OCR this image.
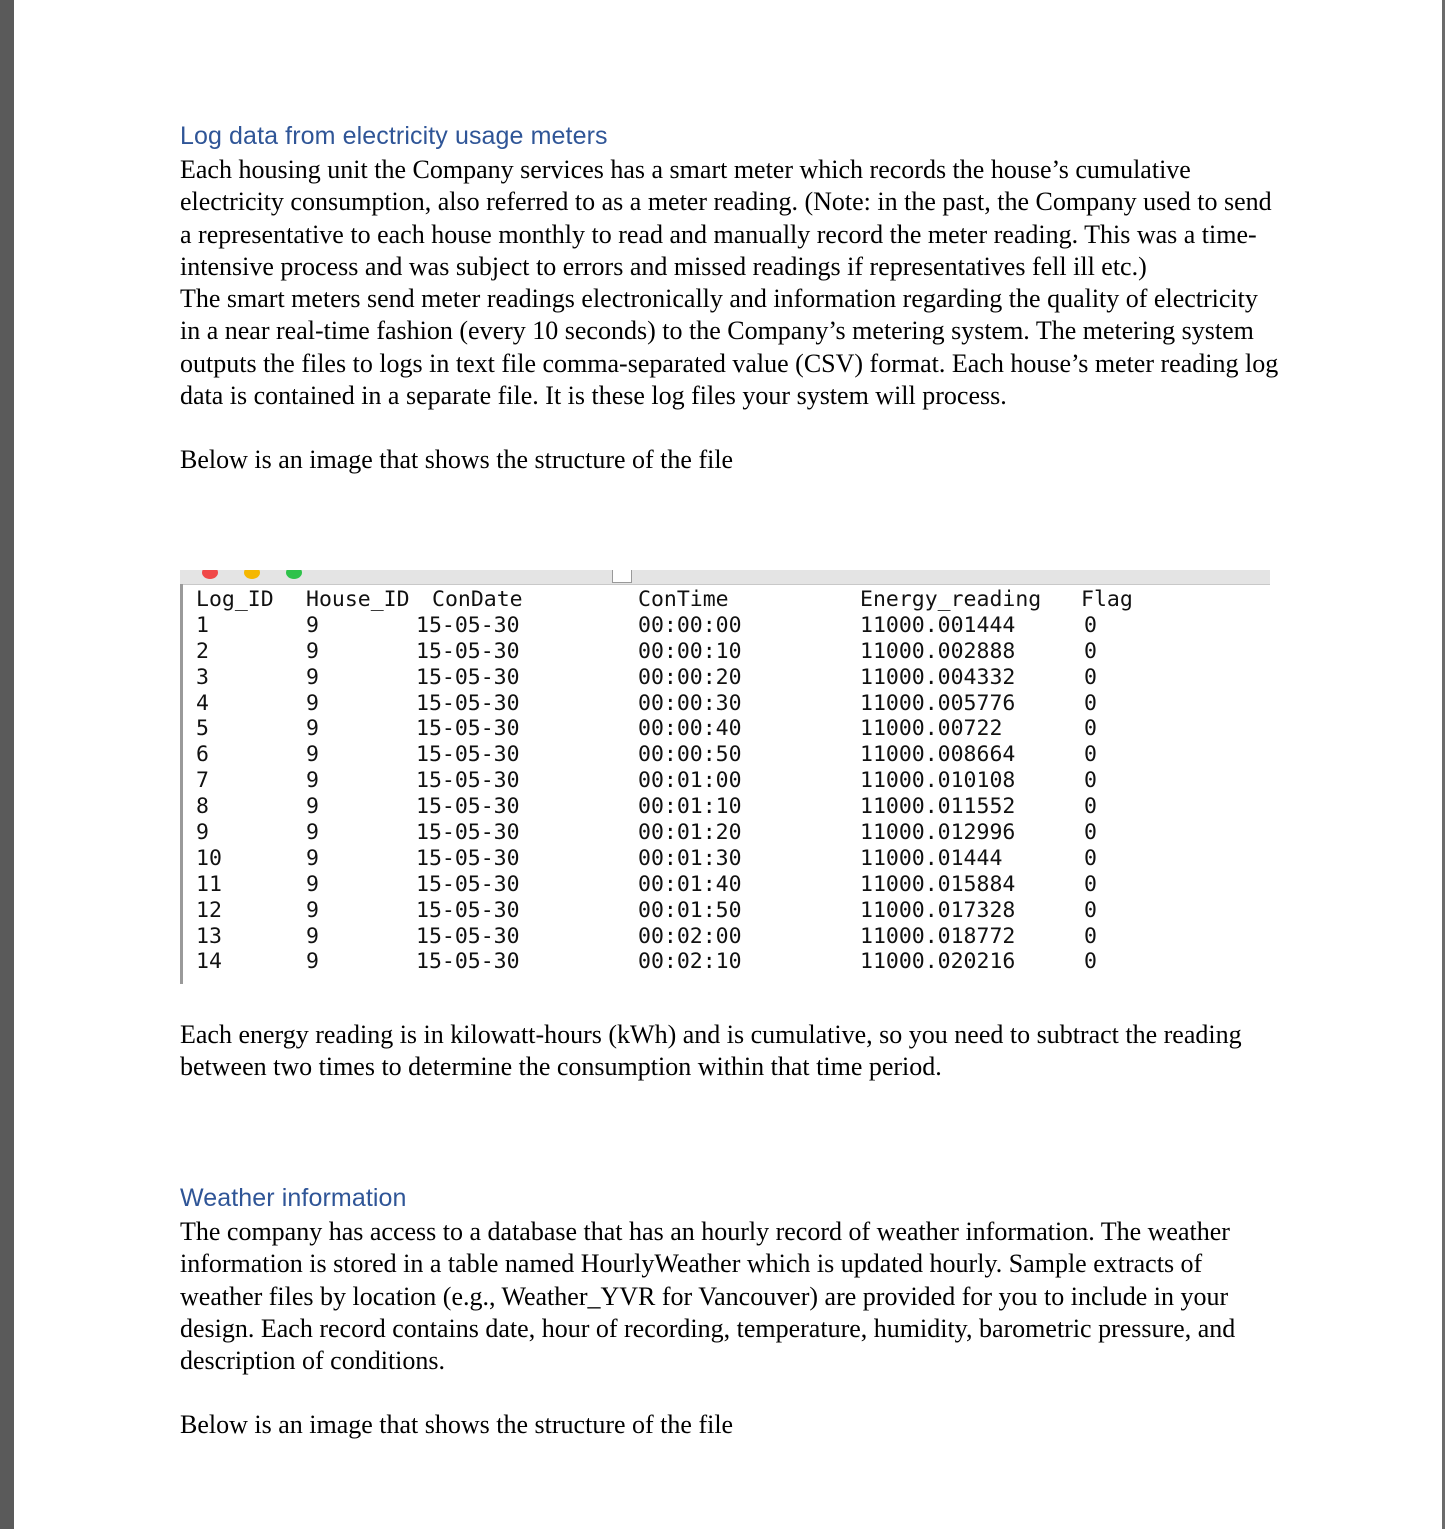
Log data from electricity usage meters

Each housing unit the Company services has a smart meter which records the house’s cumulative electricity consumption, also referred to as a meter reading. (Note: in the past, the Company used to send a representative to each house monthly to read and manually record the meter reading. This was a time-intensive process and was subject to errors and missed readings if representatives fell ill etc.)

The smart meters send meter readings electronically and information regarding the quality of electricity in a near real-time fashion (every 10 seconds) to the Company’s metering system. The metering system outputs the files to logs in text file comma-separated value (CSV) format. Each house’s meter reading log data is contained in a separate file. It is these log files your system will process.

Below is an image that shows the structure of the file

Each energy reading is in kilowatt-hours (kWh) and is cumulative, so you need to subtract the reading between two times to determine the consumption within that time period.

Weather information

The company has access to a database that has an hourly record of weather information. The weather information is stored in a table named HourlyWeather which is updated hourly. Sample extracts of weather files by location (e.g., Weather_YVR for Vancouver) are provided for you to include in your design. Each record contains date, hour of recording, temperature, humidity, barometric pressure, and description of conditions.

Below is an image that shows the structure of the file

Log_ID House_ID ConDate	ConTime	Energy_reading Flag
1	9	15-05-30	00:00:00	11000.001444	0
2	9	15-05-30	00:00:10	11000.002888	0
3	9	15-05-30	00:00:20	11000.004332	0
4	9	15-05-30	00:00:30	11000.005776	0
5	9	15-05-30	00:00:40	11000.00722	0
6	9	15-05-30	00:00:50	11000.008664	0
7	9	15-05-30	00:01:00	11000.010108	0
8	9	15-05-30	00:01:10	11000.011552	0
9	9	15-05-30	00:01:20	11000.012996	0
10	9	15-05-30	00:01:30	11000.01444	0
11	9	15-05-30	00:01:40	11000.015884	0
12	9	15-05-30	00:01:50	11000.017328	0
13	9	15-05-30	00:02:00	11000.018772	0
14	9	15-05-30	00:02:10	11000.020216	0
